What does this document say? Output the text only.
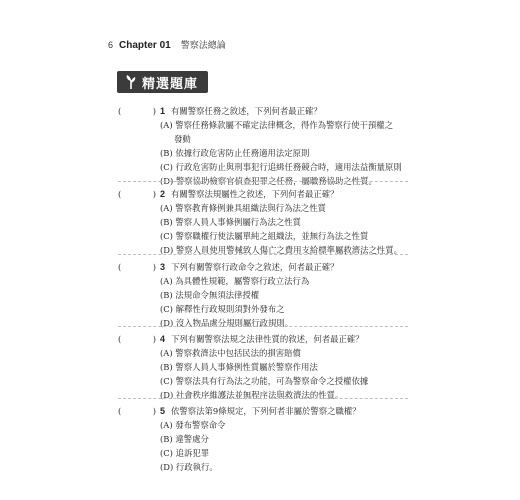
6 Chapter 01 警察法總論
精選題庫
(	) 1 有關警察任務之敘述，下列何者最正確？
(A) 警察任務條款屬不確定法律概念，得作為警察行使干預權之
發動
(B) 依據行政危害防止任務適用法定原則
(C) 行政危害防止與刑事犯行追緝任務競合時，適用法益衡量原則
(D) 警察協助檢察官偵查犯罪之任務，屬職務協助之性質。
(	) 2 有關警察法規屬性之敘述，下列何者最正確？
(A) 警察教育條例兼具組織法與行為法之性質
(B) 警察人員人事條例屬行為法之性質
(C) 警察職權行使法屬單純之組織法，並無行為法之性質
(D) 警察人員使用警械致人傷亡之費用支給標準屬救濟法之性質。
(	) 3 下列有關警察行政命令之敘述，何者最正確？
(A) 為具體性規範，屬警察行政立法行為
(B) 法規命令無須法律授權
(C) 解釋性行政規則須對外發布之
(D) 沒入物品處分規則屬行政規則。
(	) 4 下列有關警察法規之法律性質的敘述，何者最正確？
(A) 警察救濟法中包括民法的損害賠償
(B) 警察人員人事條例性質屬於警察作用法
(C) 警察法具有行為法之功能，可為警察命令之授權依據
(D) 社會秩序維護法並無程序法與救濟法的性質。
(	) 5 依警察法第9條規定，下列何者非屬於警察之職權？
(A) 發布警察命令
(B) 違警處分
(C) 追訴犯罪
(D) 行政執行。
